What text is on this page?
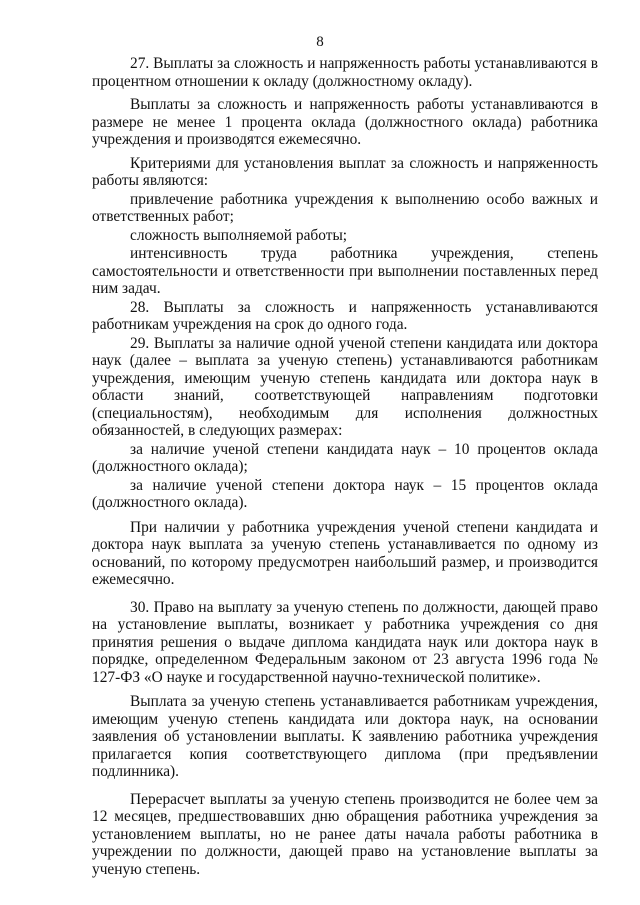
8

27. Выплаты за сложность и напряженность работы устанавливаются в процентном отношении к окладу (должностному окладу).

Выплаты за сложность и напряженность работы устанавливаются в размере не менее 1 процента оклада (должностного оклада) работника учреждения и производятся ежемесячно.

Критериями для установления выплат за сложность и напряженность работы являются:

привлечение работника учреждения к выполнению особо важных и ответственных работ;

сложность выполняемой работы;

интенсивность труда работника учреждения, степень самостоятельности и ответственности при выполнении поставленных перед ним задач.

28. Выплаты за сложность и напряженность устанавливаются работникам учреждения на срок до одного года.

29. Выплаты за наличие одной ученой степени кандидата или доктора наук (далее – выплата за ученую степень) устанавливаются работникам учреждения, имеющим ученую степень кандидата или доктора наук в области знаний, соответствующей направлениям подготовки (специальностям), необходимым для исполнения должностных обязанностей, в следующих размерах:

за наличие ученой степени кандидата наук – 10 процентов оклада (должностного оклада);

за наличие ученой степени доктора наук – 15 процентов оклада (должностного оклада).

При наличии у работника учреждения ученой степени кандидата и доктора наук выплата за ученую степень устанавливается по одному из оснований, по которому предусмотрен наибольший размер, и производится ежемесячно.

30. Право на выплату за ученую степень по должности, дающей право на установление выплаты, возникает у работника учреждения со дня принятия решения о выдаче диплома кандидата наук или доктора наук в порядке, определенном Федеральным законом от 23 августа 1996 года № 127-ФЗ «О науке и государственной научно-технической политике».

Выплата за ученую степень устанавливается работникам учреждения, имеющим ученую степень кандидата или доктора наук, на основании заявления об установлении выплаты. К заявлению работника учреждения прилагается копия соответствующего диплома (при предъявлении подлинника).

Перерасчет выплаты за ученую степень производится не более чем за 12 месяцев, предшествовавших дню обращения работника учреждения за установлением выплаты, но не ранее даты начала работы работника в учреждении по должности, дающей право на установление выплаты за ученую степень.
